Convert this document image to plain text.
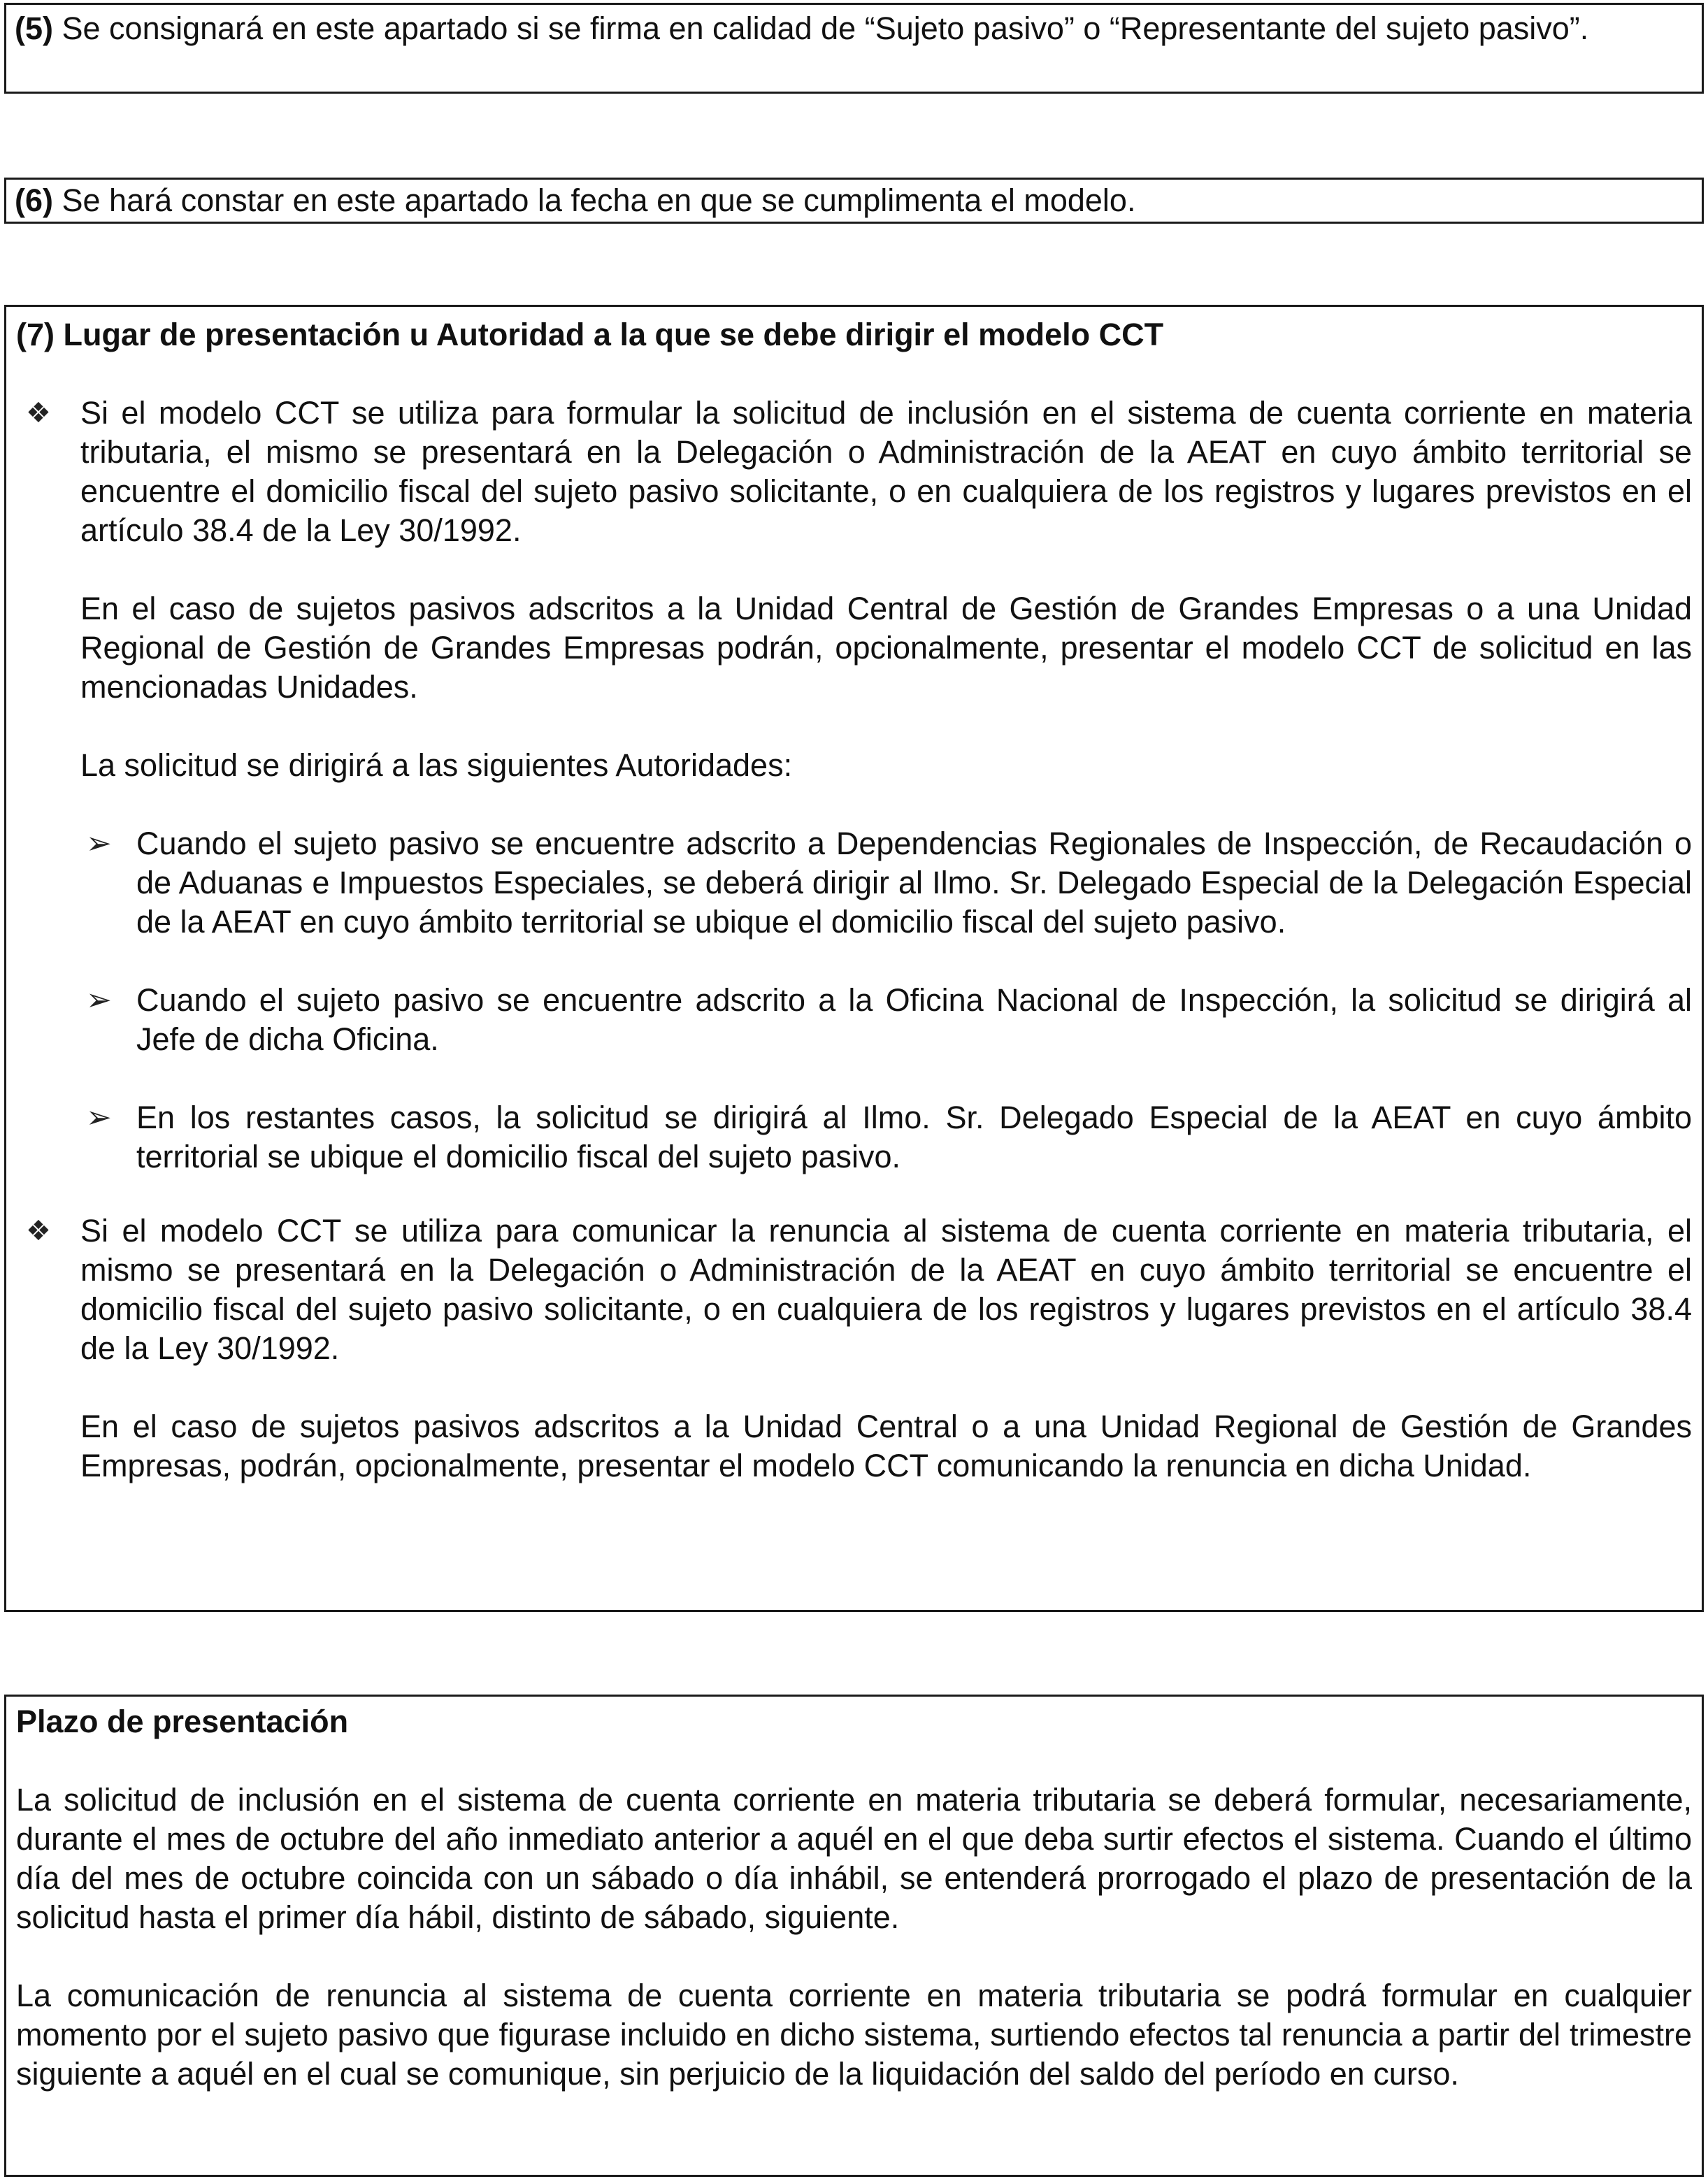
(5) Se consignará en este apartado si se firma en calidad de “Sujeto pasivo” o “Representante del sujeto pasivo”.

(6) Se hará constar en este apartado la fecha en que se cumplimenta el modelo.

(7) Lugar de presentación u Autoridad a la que se debe dirigir el modelo CCT
❖ Si el modelo CCT se utiliza para formular la solicitud de inclusión en el sistema de cuenta corriente en materia tributaria, el mismo se presentará en la Delegación o Administración de la AEAT en cuyo ámbito territorial se encuentre el domicilio fiscal del sujeto pasivo solicitante, o en cualquiera de los registros y lugares previstos en el artículo 38.4 de la Ley 30/1992.

En el caso de sujetos pasivos adscritos a la Unidad Central de Gestión de Grandes Empresas o a una Unidad Regional de Gestión de Grandes Empresas podrán, opcionalmente, presentar el modelo CCT de solicitud en las mencionadas Unidades.

La solicitud se dirigirá a las siguientes Autoridades:

➢ Cuando el sujeto pasivo se encuentre adscrito a Dependencias Regionales de Inspección, de Recaudación o de Aduanas e Impuestos Especiales, se deberá dirigir al Ilmo. Sr. Delegado Especial de la Delegación Especial de la AEAT en cuyo ámbito territorial se ubique el domicilio fiscal del sujeto pasivo.

➢ Cuando el sujeto pasivo se encuentre adscrito a la Oficina Nacional de Inspección, la solicitud se dirigirá al Jefe de dicha Oficina.

➢ En los restantes casos, la solicitud se dirigirá al Ilmo. Sr. Delegado Especial de la AEAT en cuyo ámbito territorial se ubique el domicilio fiscal del sujeto pasivo.

❖ Si el modelo CCT se utiliza para comunicar la renuncia al sistema de cuenta corriente en materia tributaria, el mismo se presentará en la Delegación o Administración de la AEAT en cuyo ámbito territorial se encuentre el domicilio fiscal del sujeto pasivo solicitante, o en cualquiera de los registros y lugares previstos en el artículo 38.4 de la Ley 30/1992.

En el caso de sujetos pasivos adscritos a la Unidad Central o a una Unidad Regional de Gestión de Grandes Empresas, podrán, opcionalmente, presentar el modelo CCT comunicando la renuncia en dicha Unidad.

Plazo de presentación

La solicitud de inclusión en el sistema de cuenta corriente en materia tributaria se deberá formular, necesariamente, durante el mes de octubre del año inmediato anterior a aquél en el que deba surtir efectos el sistema. Cuando el último día del mes de octubre coincida con un sábado o día inhábil, se entenderá prorrogado el plazo de presentación de la solicitud hasta el primer día hábil, distinto de sábado, siguiente.

La comunicación de renuncia al sistema de cuenta corriente en materia tributaria se podrá formular en cualquier momento por el sujeto pasivo que figurase incluido en dicho sistema, surtiendo efectos tal renuncia a partir del trimestre siguiente a aquél en el cual se comunique, sin perjuicio de la liquidación del saldo del período en curso.
